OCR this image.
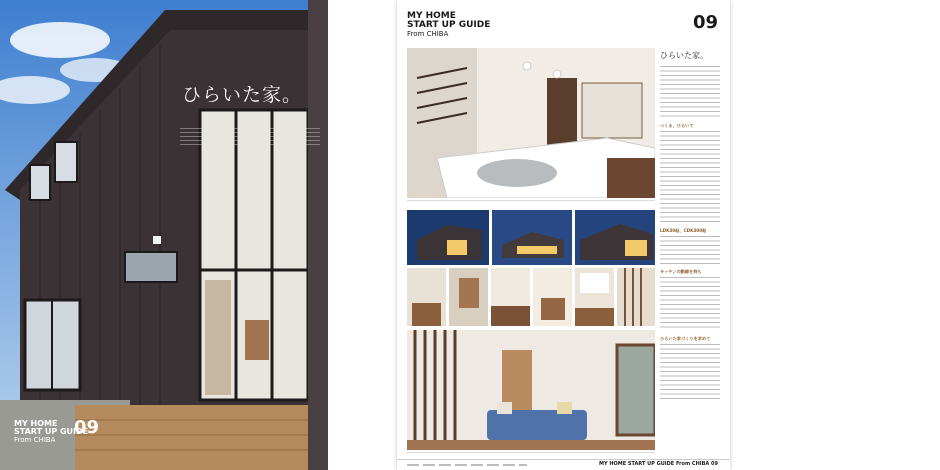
ひらいた家。
MY HOME
START UP GUIDE
From CHIBA
09
MY HOME
START UP GUIDE
From CHIBA
09
ひらいた家。
つくる、ひらいて
LDK30帖、CDK300帖
キッチンの動線を持ち
ひらいた家づくりを求めて
MY HOME START UP GUIDE From CHIBA 09
